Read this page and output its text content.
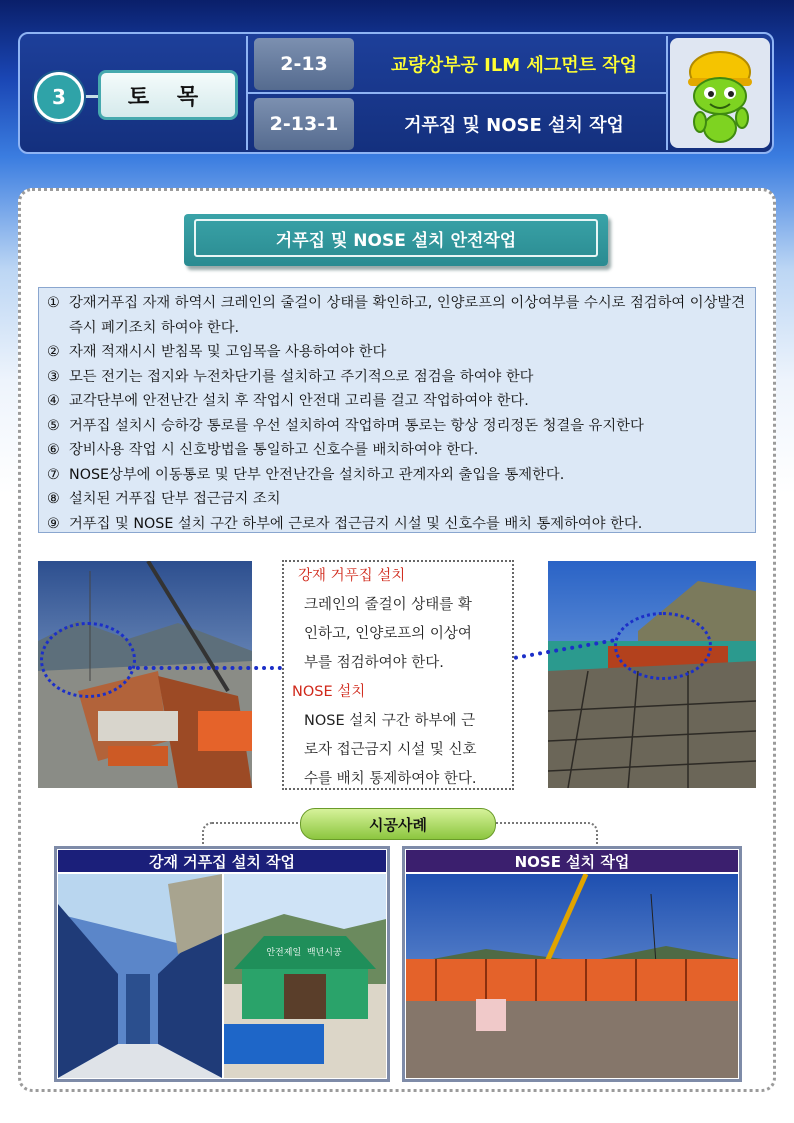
3	토 목
2-13	교량상부공 ILM 세그먼트 작업
2-13-1	거푸집 및 NOSE 설치 작업
거푸집 및 NOSE 설치 안전작업
① 강재거푸집 자재 하역시 크레인의 줄걸이 상태를 확인하고, 인양로프의 이상여부를 수시로 점검하여 이상발견 즉시 폐기조치 하여야 한다.
② 자재 적재시시 받침목 및 고임목을 사용하여야 한다
③ 모든 전기는 접지와 누전차단기를 설치하고 주기적으로 점검을 하여야 한다
④ 교각단부에 안전난간 설치 후 작업시 안전대 고리를 걸고 작업하여야 한다.
⑤ 거푸집 설치시 승하강 통로를 우선 설치하여 작업하며 통로는 항상 정리정돈 청결을 유지한다
⑥ 장비사용 작업 시 신호방법을 통일하고 신호수를 배치하여야 한다.
⑦ NOSE상부에 이동통로 및 단부 안전난간을 설치하고 관계자외 출입을 통제한다.
⑧ 설치된 거푸집 단부 접근금지 조치
⑨ 거푸집 및 NOSE 설치 구간 하부에 근로자 접근금지 시설 및 신호수를 배치 통제하여야 한다.
강재 거푸집 설치
크레인의 줄걸이 상태를 확
인하고, 인양로프의 이상여
부를 점검하여야 한다.
NOSE 설치
NOSE 설치 구간 하부에 근
로자 접근금지 시설 및 신호
수를 배치 통제하여야 한다.
시공사례
강재 거푸집 설치 작업
안전제일  백년시공
NOSE 설치 작업
